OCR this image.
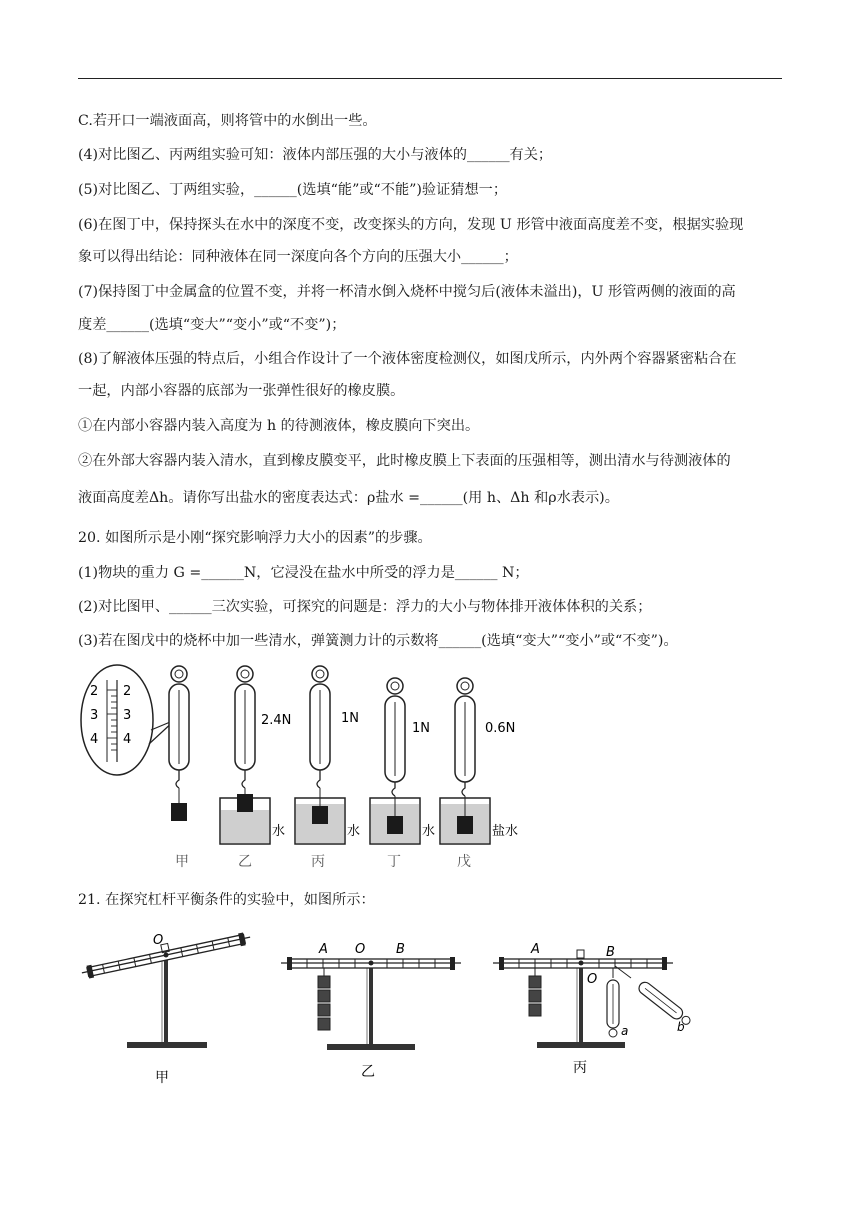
C.若开口一端液面高，则将管中的水倒出一些。
(4)对比图乙、丙两组实验可知：液体内部压强的大小与液体的______有关；
(5)对比图乙、丁两组实验，______(选填“能”或“不能”)验证猜想一；
(6)在图丁中，保持探头在水中的深度不变，改变探头的方向，发现 U 形管中液面高度差不变，根据实验现
象可以得出结论：同种液体在同一深度向各个方向的压强大小______；
(7)保持图丁中金属盒的位置不变，并将一杯清水倒入烧杯中搅匀后(液体未溢出)，U 形管两侧的液面的高
度差______(选填“变大”“变小”或“不变”)；
(8)了解液体压强的特点后，小组合作设计了一个液体密度检测仪，如图戊所示，内外两个容器紧密粘合在
一起，内部小容器的底部为一张弹性很好的橡皮膜。
①在内部小容器内装入高度为 h 的待测液体，橡皮膜向下突出。
②在外部大容器内装入清水，直到橡皮膜变平，此时橡皮膜上下表面的压强相等，测出清水与待测液体的
液面高度差Δh。请你写出盐水的密度表达式：ρ盐水 =______(用 h、Δh 和ρ水表示)。
20. 如图所示是小刚“探究影响浮力大小的因素”的步骤。
(1)物块的重力 G =______N，它浸没在盐水中所受的浮力是______ N；
(2)对比图甲、______三次实验，可探究的问题是：浮力的大小与物体排开液体体积的关系；
(3)若在图戊中的烧杯中加一些清水，弹簧测力计的示数将______(选填“变大”“变小”或“不变”)。
2
3
4
2
3
4
2.4N
水
1N
水
1N
水
0.6N
盐水
甲	乙	丙	丁	戊
21. 在探究杠杆平衡条件的实验中，如图所示：
O
A O B	A
O
B
a	b
甲	乙	丙
